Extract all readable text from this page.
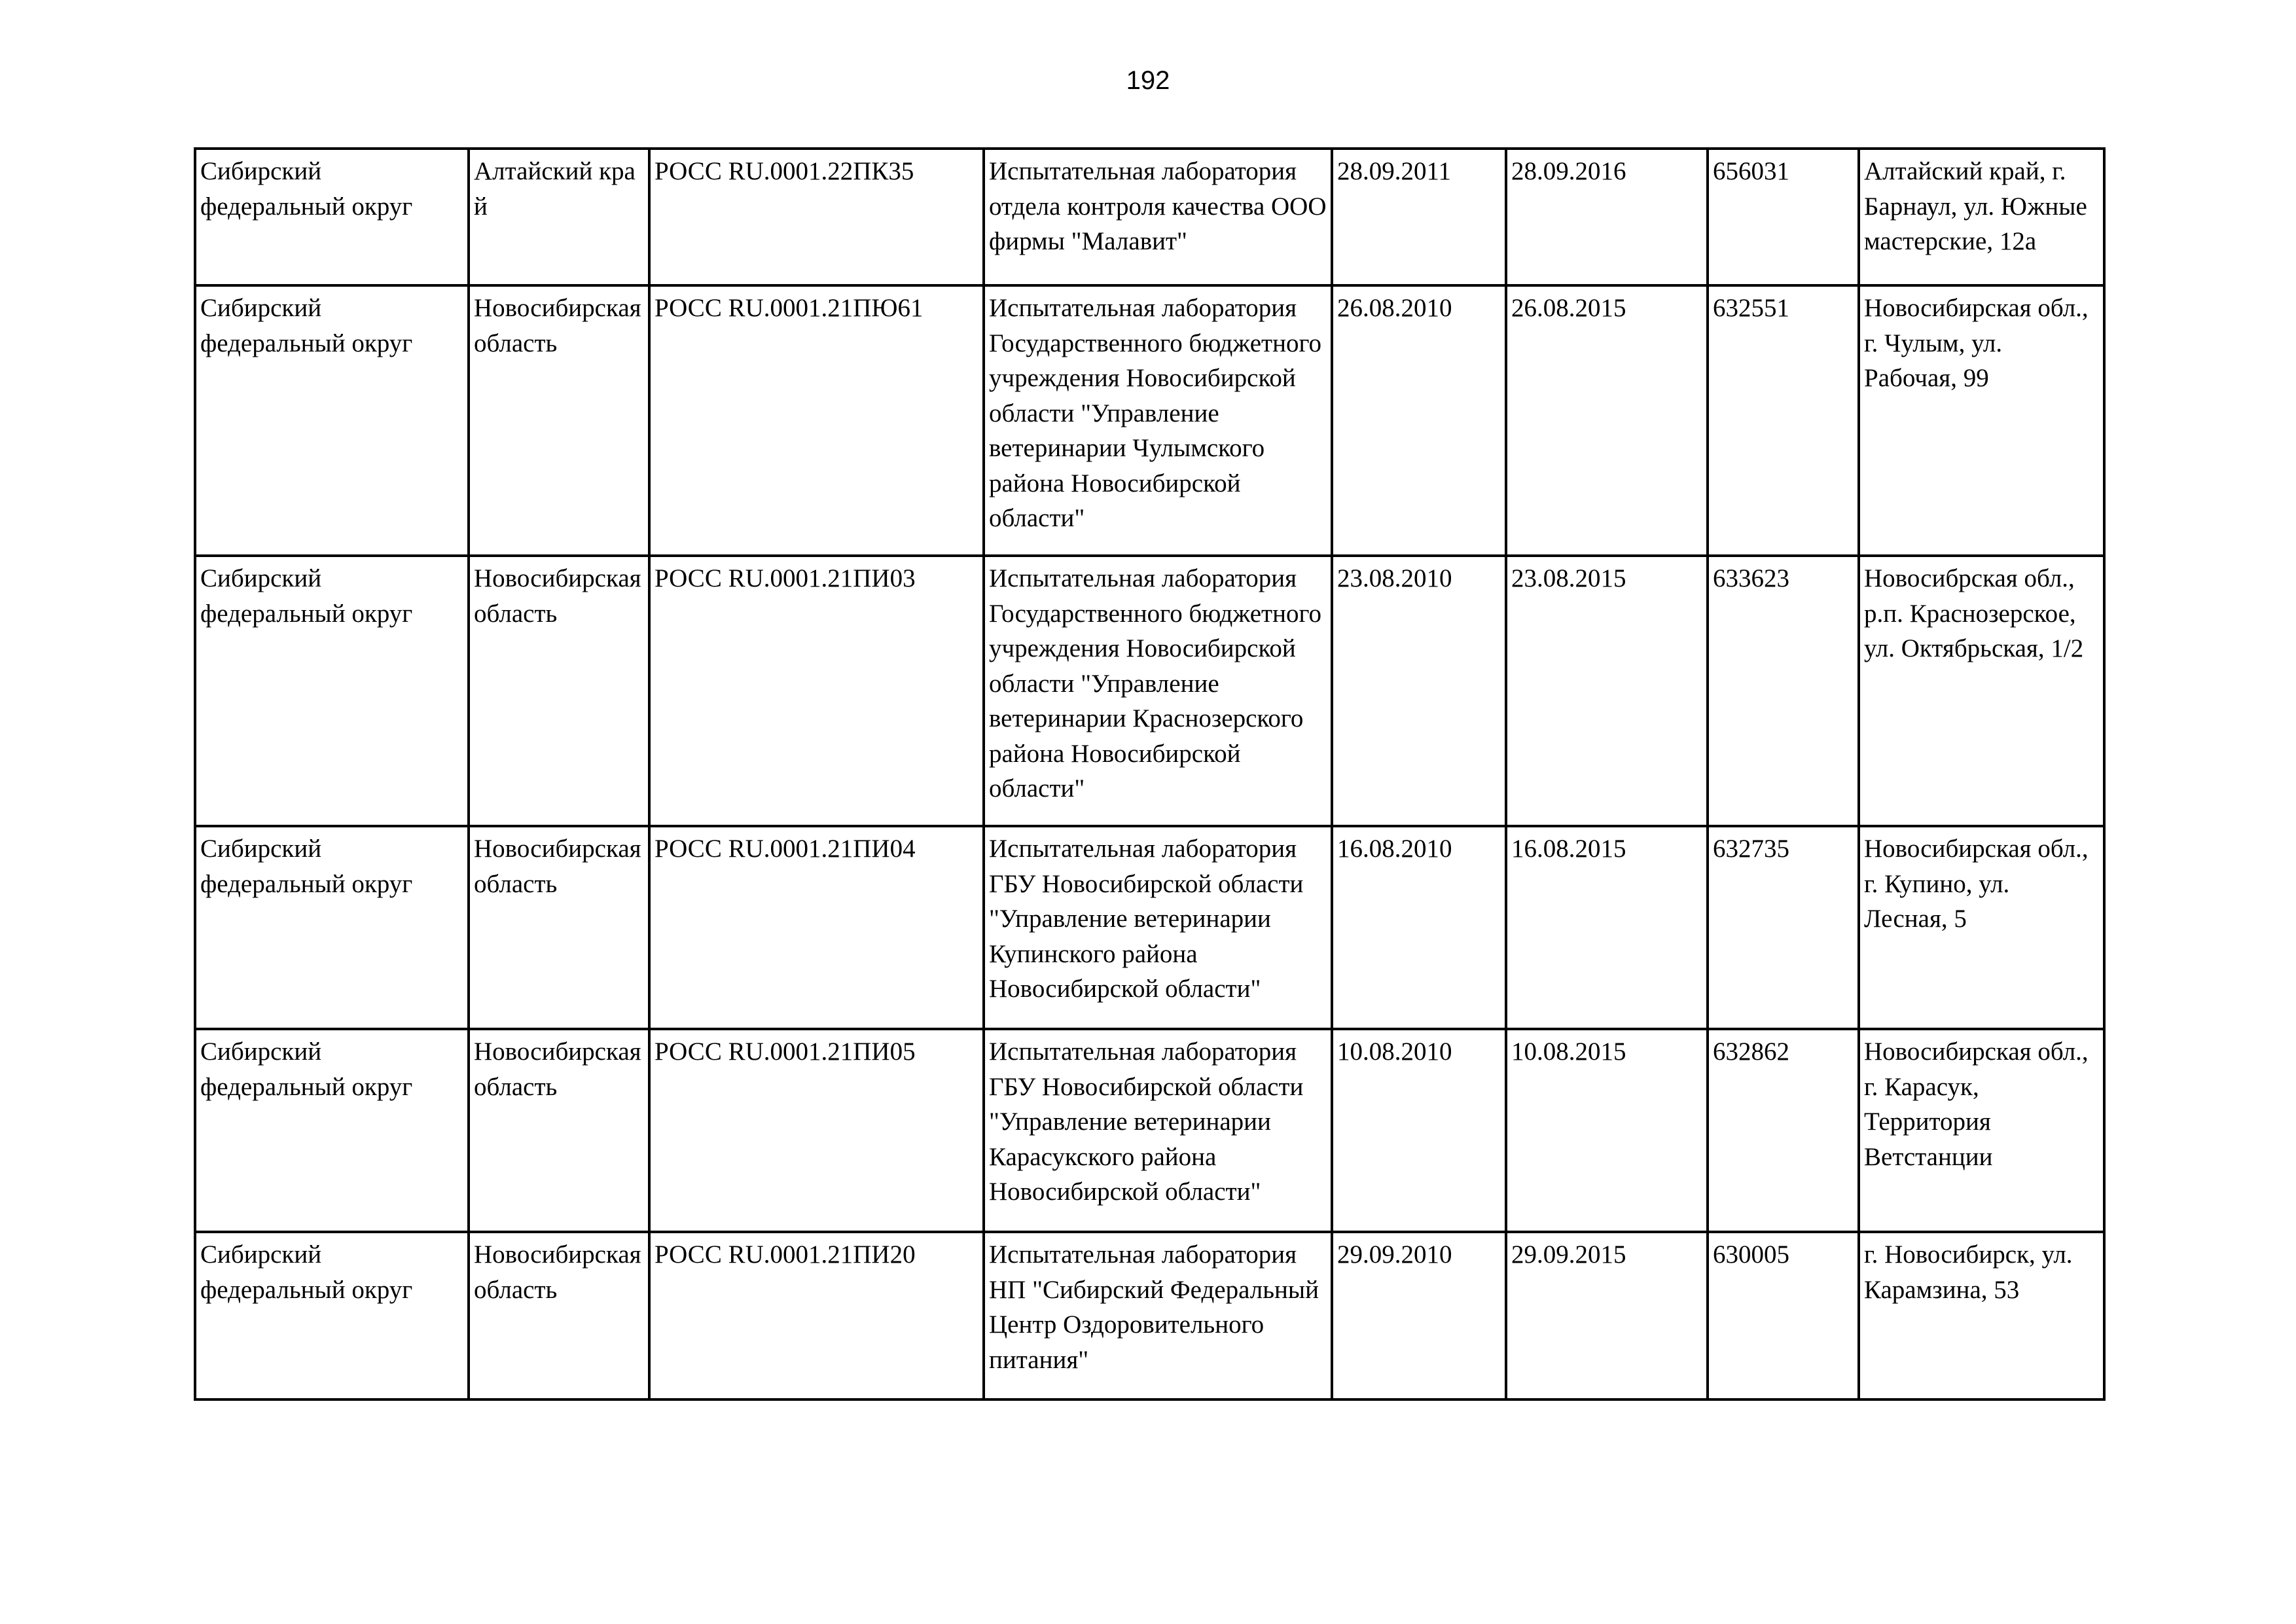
192
Сибирский федеральный округ	Алтайский край	РОСС RU.0001.22ПК35	Испытательная лаборатория отдела контроля качества ООО фирмы "Малавит"	28.09.2011	28.09.2016	656031	Алтайский край, г. Барнаул, ул. Южные мастерские, 12а

Сибирский федеральный округ	Новосибирская область	РОСС RU.0001.21ПЮ61	Испытательная лаборатория Государственного бюджетного учреждения Новосибирской области "Управление ветеринарии Чулымского района Новосибирской области"	26.08.2010	26.08.2015	632551	Новосибирская обл., г. Чулым, ул. Рабочая, 99

Сибирский федеральный округ	Новосибирская область	РОСС RU.0001.21ПИ03	Испытательная лаборатория Государственного бюджетного учреждения Новосибирской области "Управление ветеринарии Краснозерского района Новосибирской области"	23.08.2010	23.08.2015	633623	Новосибрская обл., р.п. Краснозерское, ул. Октябрьская, 1/2

Сибирский федеральный округ	Новосибирская область	РОСС RU.0001.21ПИ04	Испытательная лаборатория ГБУ Новосибирской области "Управление ветеринарии Купинского района Новосибирской области"	16.08.2010	16.08.2015	632735	Новосибирская обл., г. Купино, ул. Лесная, 5

Сибирский федеральный округ	Новосибирская область	РОСС RU.0001.21ПИ05	Испытательная лаборатория ГБУ Новосибирской области "Управление ветеринарии Карасукского района Новосибирской области"	10.08.2010	10.08.2015	632862	Новосибирская обл., г. Карасук, Территория Ветстанции

Сибирский федеральный округ	Новосибирская область	РОСС RU.0001.21ПИ20	Испытательная лаборатория НП "Сибирский Федеральный Центр Оздоровительного питания"	29.09.2010	29.09.2015	630005	г. Новосибирск, ул. Карамзина, 53
